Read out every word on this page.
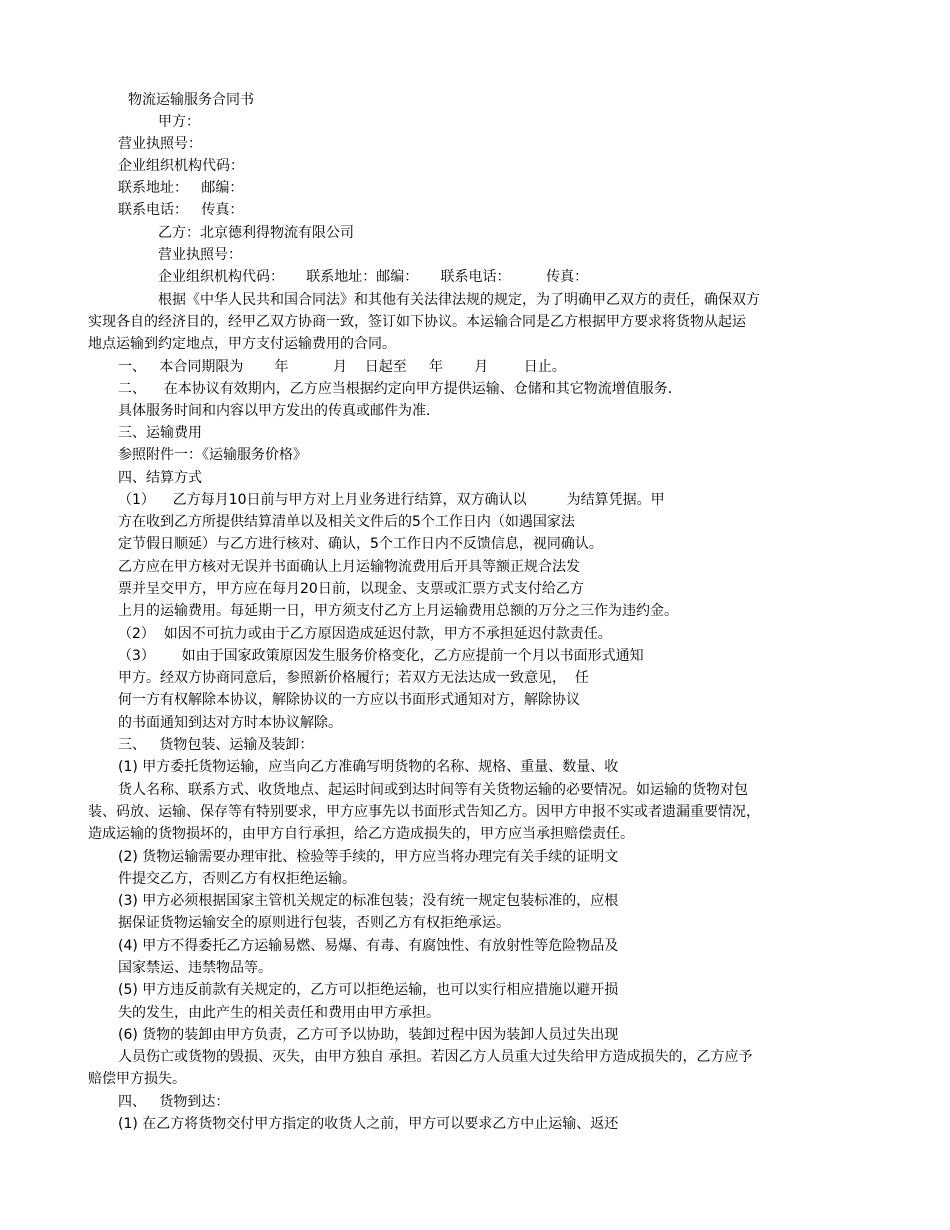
物流运输服务合同书
甲方：
营业执照号：
企业组织机构代码：
联系地址：   邮编：
联系电话：   传真：
乙方：北京德利得物流有限公司
营业执照号：
企业组织机构代码：     联系地址：邮编：     联系电话：        传真：
根据《中华人民共和国合同法》和其他有关法律法规的规定，为了明确甲乙双方的责任，确保双方
实现各自的经济目的，经甲乙双方协商一致，签订如下协议。本运输合同是乙方根据甲方要求将货物从起运
地点运输到约定地点，甲方支付运输费用的合同。
一、   本合同期限为       年          月    日起至     年       月        日止。
二、    在本协议有效期内，乙方应当根据约定向甲方提供运输、仓储和其它物流增值服务．
具体服务时间和内容以甲方发出的传真或邮件为准．
三、运输费用
参照附件一：《运输服务价格》
四、结算方式
（1）    乙方每月10日前与甲方对上月业务进行结算，双方确认以         为结算凭据。甲
方在收到乙方所提供结算清单以及相关文件后的5个工作日内（如遇国家法
定节假日顺延）与乙方进行核对、确认，5个工作日内不反馈信息，视同确认。
乙方应在甲方核对无误并书面确认上月运输物流费用后开具等额正规合法发
票并呈交甲方，甲方应在每月20日前，以现金、支票或汇票方式支付给乙方
上月的运输费用。每延期一日，甲方须支付乙方上月运输费用总额的万分之三作为违约金。
（2）  如因不可抗力或由于乙方原因造成延迟付款，甲方不承担延迟付款责任。
（3）      如由于国家政策原因发生服务价格变化，乙方应提前一个月以书面形式通知
甲方。经双方协商同意后，参照新价格履行；若双方无法达成一致意见，  任
何一方有权解除本协议，解除协议的一方应以书面形式通知对方，解除协议
的书面通知到达对方时本协议解除。
三、   货物包装、运输及装卸：
(1) 甲方委托货物运输，应当向乙方准确写明货物的名称、规格、重量、数量、收
货人名称、联系方式、收货地点、起运时间或到达时间等有关货物运输的必要情况。如运输的货物对包
装、码放、运输、保存等有特别要求，甲方应事先以书面形式告知乙方。因甲方申报不实或者遗漏重要情况，
造成运输的货物损坏的，由甲方自行承担，给乙方造成损失的，甲方应当承担赔偿责任。
(2) 货物运输需要办理审批、检验等手续的，甲方应当将办理完有关手续的证明文
件提交乙方，否则乙方有权拒绝运输。
(3) 甲方必须根据国家主管机关规定的标准包装；没有统一规定包装标准的，应根
据保证货物运输安全的原则进行包装，否则乙方有权拒绝承运。
(4) 甲方不得委托乙方运输易燃、易爆、有毒、有腐蚀性、有放射性等危险物品及
国家禁运、违禁物品等。
(5) 甲方违反前款有关规定的，乙方可以拒绝运输，也可以实行相应措施以避开损
失的发生，由此产生的相关责任和费用由甲方承担。
(6) 货物的装卸由甲方负责，乙方可予以协助，装卸过程中因为装卸人员过失出现
人员伤亡或货物的毁损、灭失，由甲方独自 承担。若因乙方人员重大过失给甲方造成损失的，乙方应予
赔偿甲方损失。
四、   货物到达：
(1) 在乙方将货物交付甲方指定的收货人之前，甲方可以要求乙方中止运输、返还
